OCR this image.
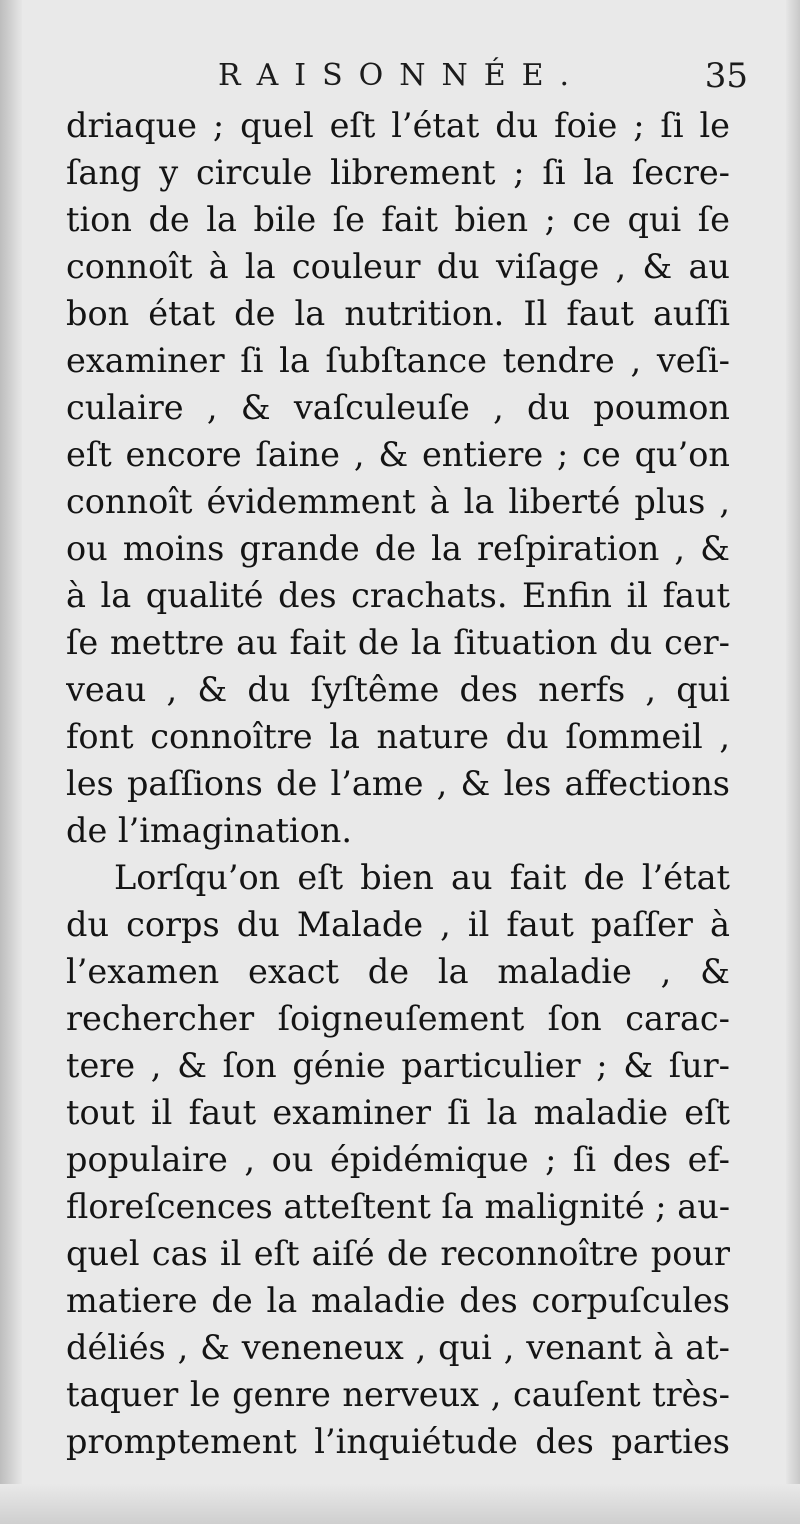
RAISONNÉE.	35
driaque ; quel eſt l’état du foie ; ſi le
ſang y circule librement ; ſi la ſecre-
tion de la bile ſe fait bien ; ce qui ſe
connoît à la couleur du viſage , & au
bon état de la nutrition. Il faut auſſi
examiner ſi la ſubſtance tendre , veſi-
culaire , & vaſculeuſe , du poumon
eſt encore ſaine , & entiere ; ce qu’on
connoît évidemment à la liberté plus ,
ou moins grande de la reſpiration , &
à la qualité des crachats. Enfin il faut
ſe mettre au fait de la ſituation du cer-
veau , & du ſyſtême des nerfs , qui
font connoître la nature du ſommeil ,
les paſſions de l’ame , & les affections
de l’imagination.
Lorſqu’on eſt bien au fait de l’état
du corps du Malade , il faut paſſer à
l’examen exact de la maladie , &
rechercher ſoigneuſement ſon carac-
tere , & ſon génie particulier ; & ſur-
tout il faut examiner ſi la maladie eſt
populaire , ou épidémique ; ſi des ef-
floreſcences atteſtent ſa malignité ; au-
quel cas il eſt aiſé de reconnoître pour
matiere de la maladie des corpuſcules
déliés , & veneneux , qui , venant à at-
taquer le genre nerveux , cauſent très-
promptement l’inquiétude des parties
